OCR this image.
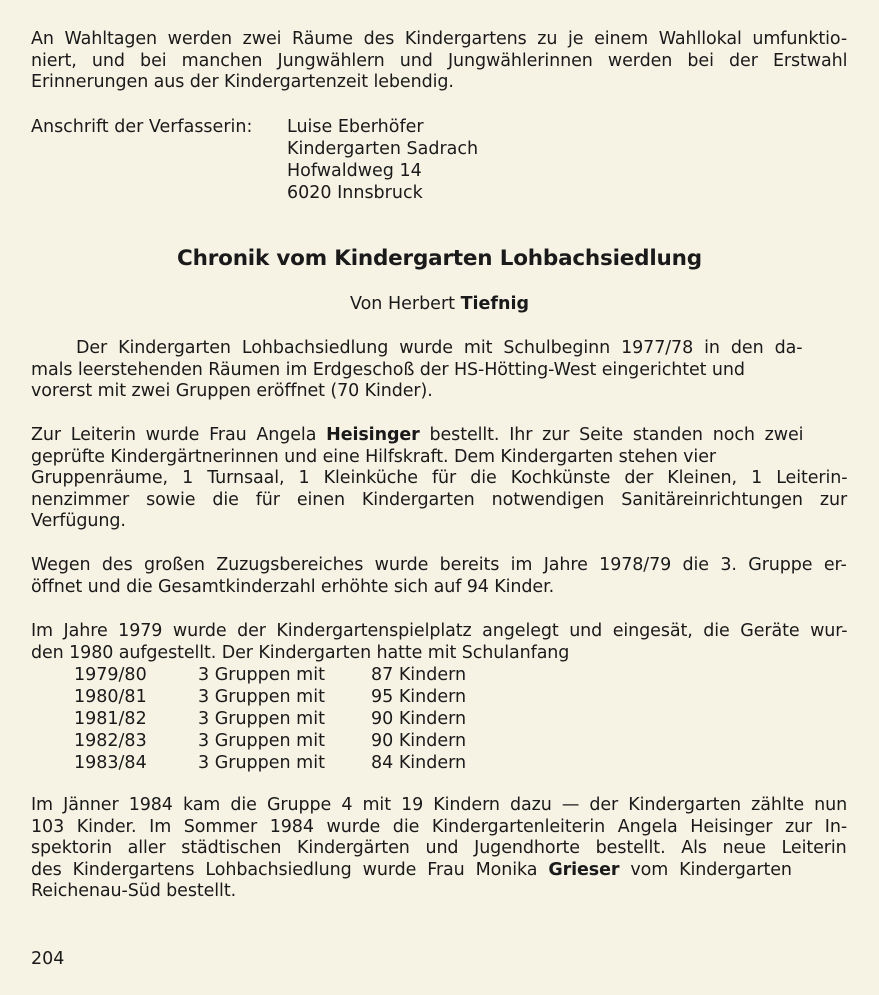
An Wahltagen werden zwei Räume des Kindergartens zu je einem Wahllokal umfunktio-
niert, und bei manchen Jungwählern und Jungwählerinnen werden bei der Erstwahl
Erinnerungen aus der Kindergartenzeit lebendig.
Anschrift der Verfasserin: Luise Eberhöfer
Kindergarten Sadrach
Hofwaldweg 14
6020 Innsbruck
Chronik vom Kindergarten Lohbachsiedlung
Von Herbert Tiefnig
Der Kindergarten Lohbachsiedlung wurde mit Schulbeginn 1977/78 in den da-
mals leerstehenden Räumen im Erdgeschoß der HS-Hötting-West eingerichtet und
vorerst mit zwei Gruppen eröffnet (70 Kinder).
Zur Leiterin wurde Frau Angela Heisinger bestellt. Ihr zur Seite standen noch zwei
geprüfte Kindergärtnerinnen und eine Hilfskraft. Dem Kindergarten stehen vier
Gruppenräume, 1 Turnsaal, 1 Kleinküche für die Kochkünste der Kleinen, 1 Leiterin-
nenzimmer sowie die für einen Kindergarten notwendigen Sanitäreinrichtungen zur
Verfügung.
Wegen des großen Zuzugsbereiches wurde bereits im Jahre 1978/79 die 3. Gruppe er-
öffnet und die Gesamtkinderzahl erhöhte sich auf 94 Kinder.
Im Jahre 1979 wurde der Kindergartenspielplatz angelegt und eingesät, die Geräte wur-
den 1980 aufgestellt. Der Kindergarten hatte mit Schulanfang
1979/80	3 Gruppen mit	87 Kindern
1980/81	3 Gruppen mit	95 Kindern
1981/82	3 Gruppen mit	90 Kindern
1982/83	3 Gruppen mit	90 Kindern
1983/84	3 Gruppen mit	84 Kindern
Im Jänner 1984 kam die Gruppe 4 mit 19 Kindern dazu — der Kindergarten zählte nun
103 Kinder. Im Sommer 1984 wurde die Kindergartenleiterin Angela Heisinger zur In-
spektorin aller städtischen Kindergärten und Jugendhorte bestellt. Als neue Leiterin
des Kindergartens Lohbachsiedlung wurde Frau Monika Grieser vom Kindergarten
Reichenau-Süd bestellt.
204
